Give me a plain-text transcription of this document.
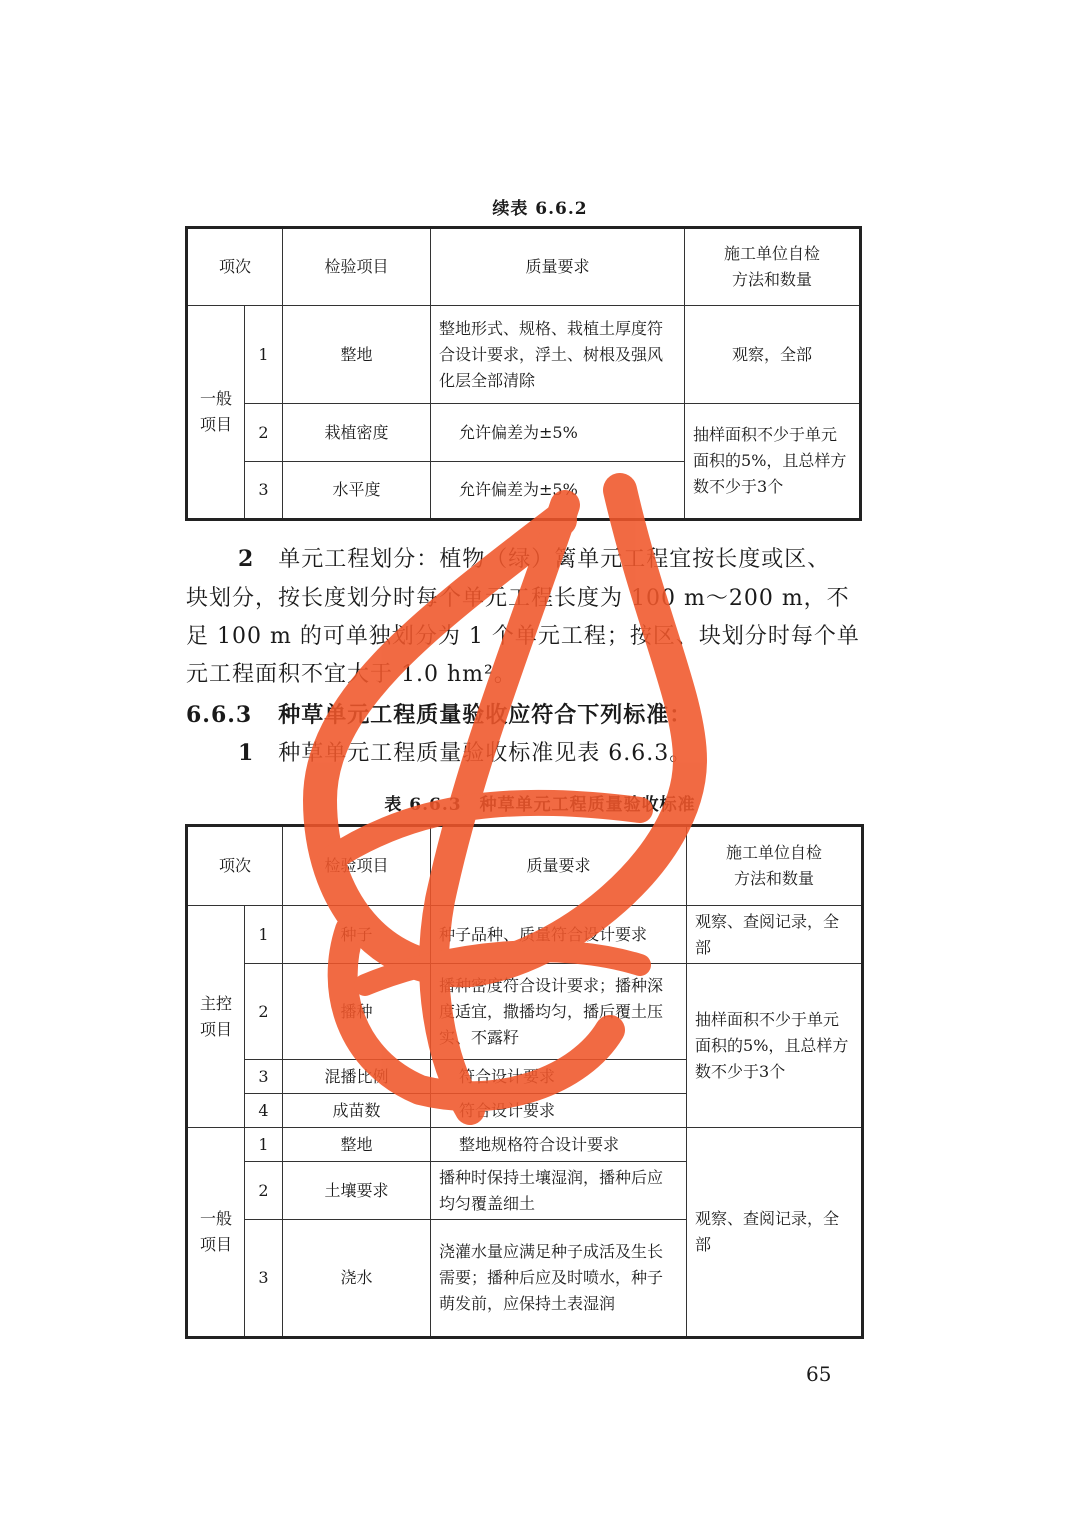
续表 6.6.2
项次		检验项目	质量要求	施工单位自检
方法和数量
一般
项目	1	整地	整地形式、规格、栽植土厚度符合设计要求，浮土、树根及强风化层全部清除	观察，全部
	2	栽植密度	允许偏差为±5%	抽样面积不少于单元面积的5%，且总样方数不少于3个
	3	水平度	允许偏差为±5%	
2 单元工程划分：植物（绿）篱单元工程宜按长度或区、
块划分，按长度划分时每个单元工程长度为 100 m～200 m，不
足 100 m 的可单独划分为 1 个单元工程；按区、块划分时每个单
元工程面积不宜大于 1.0 hm²。
6.6.3 种草单元工程质量验收应符合下列标准：
1 种草单元工程质量验收标准见表 6.6.3。
表 6.6.3　种草单元工程质量验收标准
项次		检验项目	质量要求	施工单位自检
方法和数量
主控
项目	1	种子	种子品种、质量符合设计要求	观察、查阅记录，全部
	2	播种	播种密度符合设计要求；播种深度适宜，撒播均匀，播后覆土压实、不露籽	抽样面积不少于单元面积的5%，且总样方数不少于3个
	3	混播比例	符合设计要求	
	4	成苗数	符合设计要求	
一般
项目	1	整地	整地规格符合设计要求	观察、查阅记录，全部
	2	土壤要求	播种时保持土壤湿润，播种后应均匀覆盖细土	
	3	浇水	浇灌水量应满足种子成活及生长需要；播种后应及时喷水，种子萌发前，应保持土表湿润	
65
